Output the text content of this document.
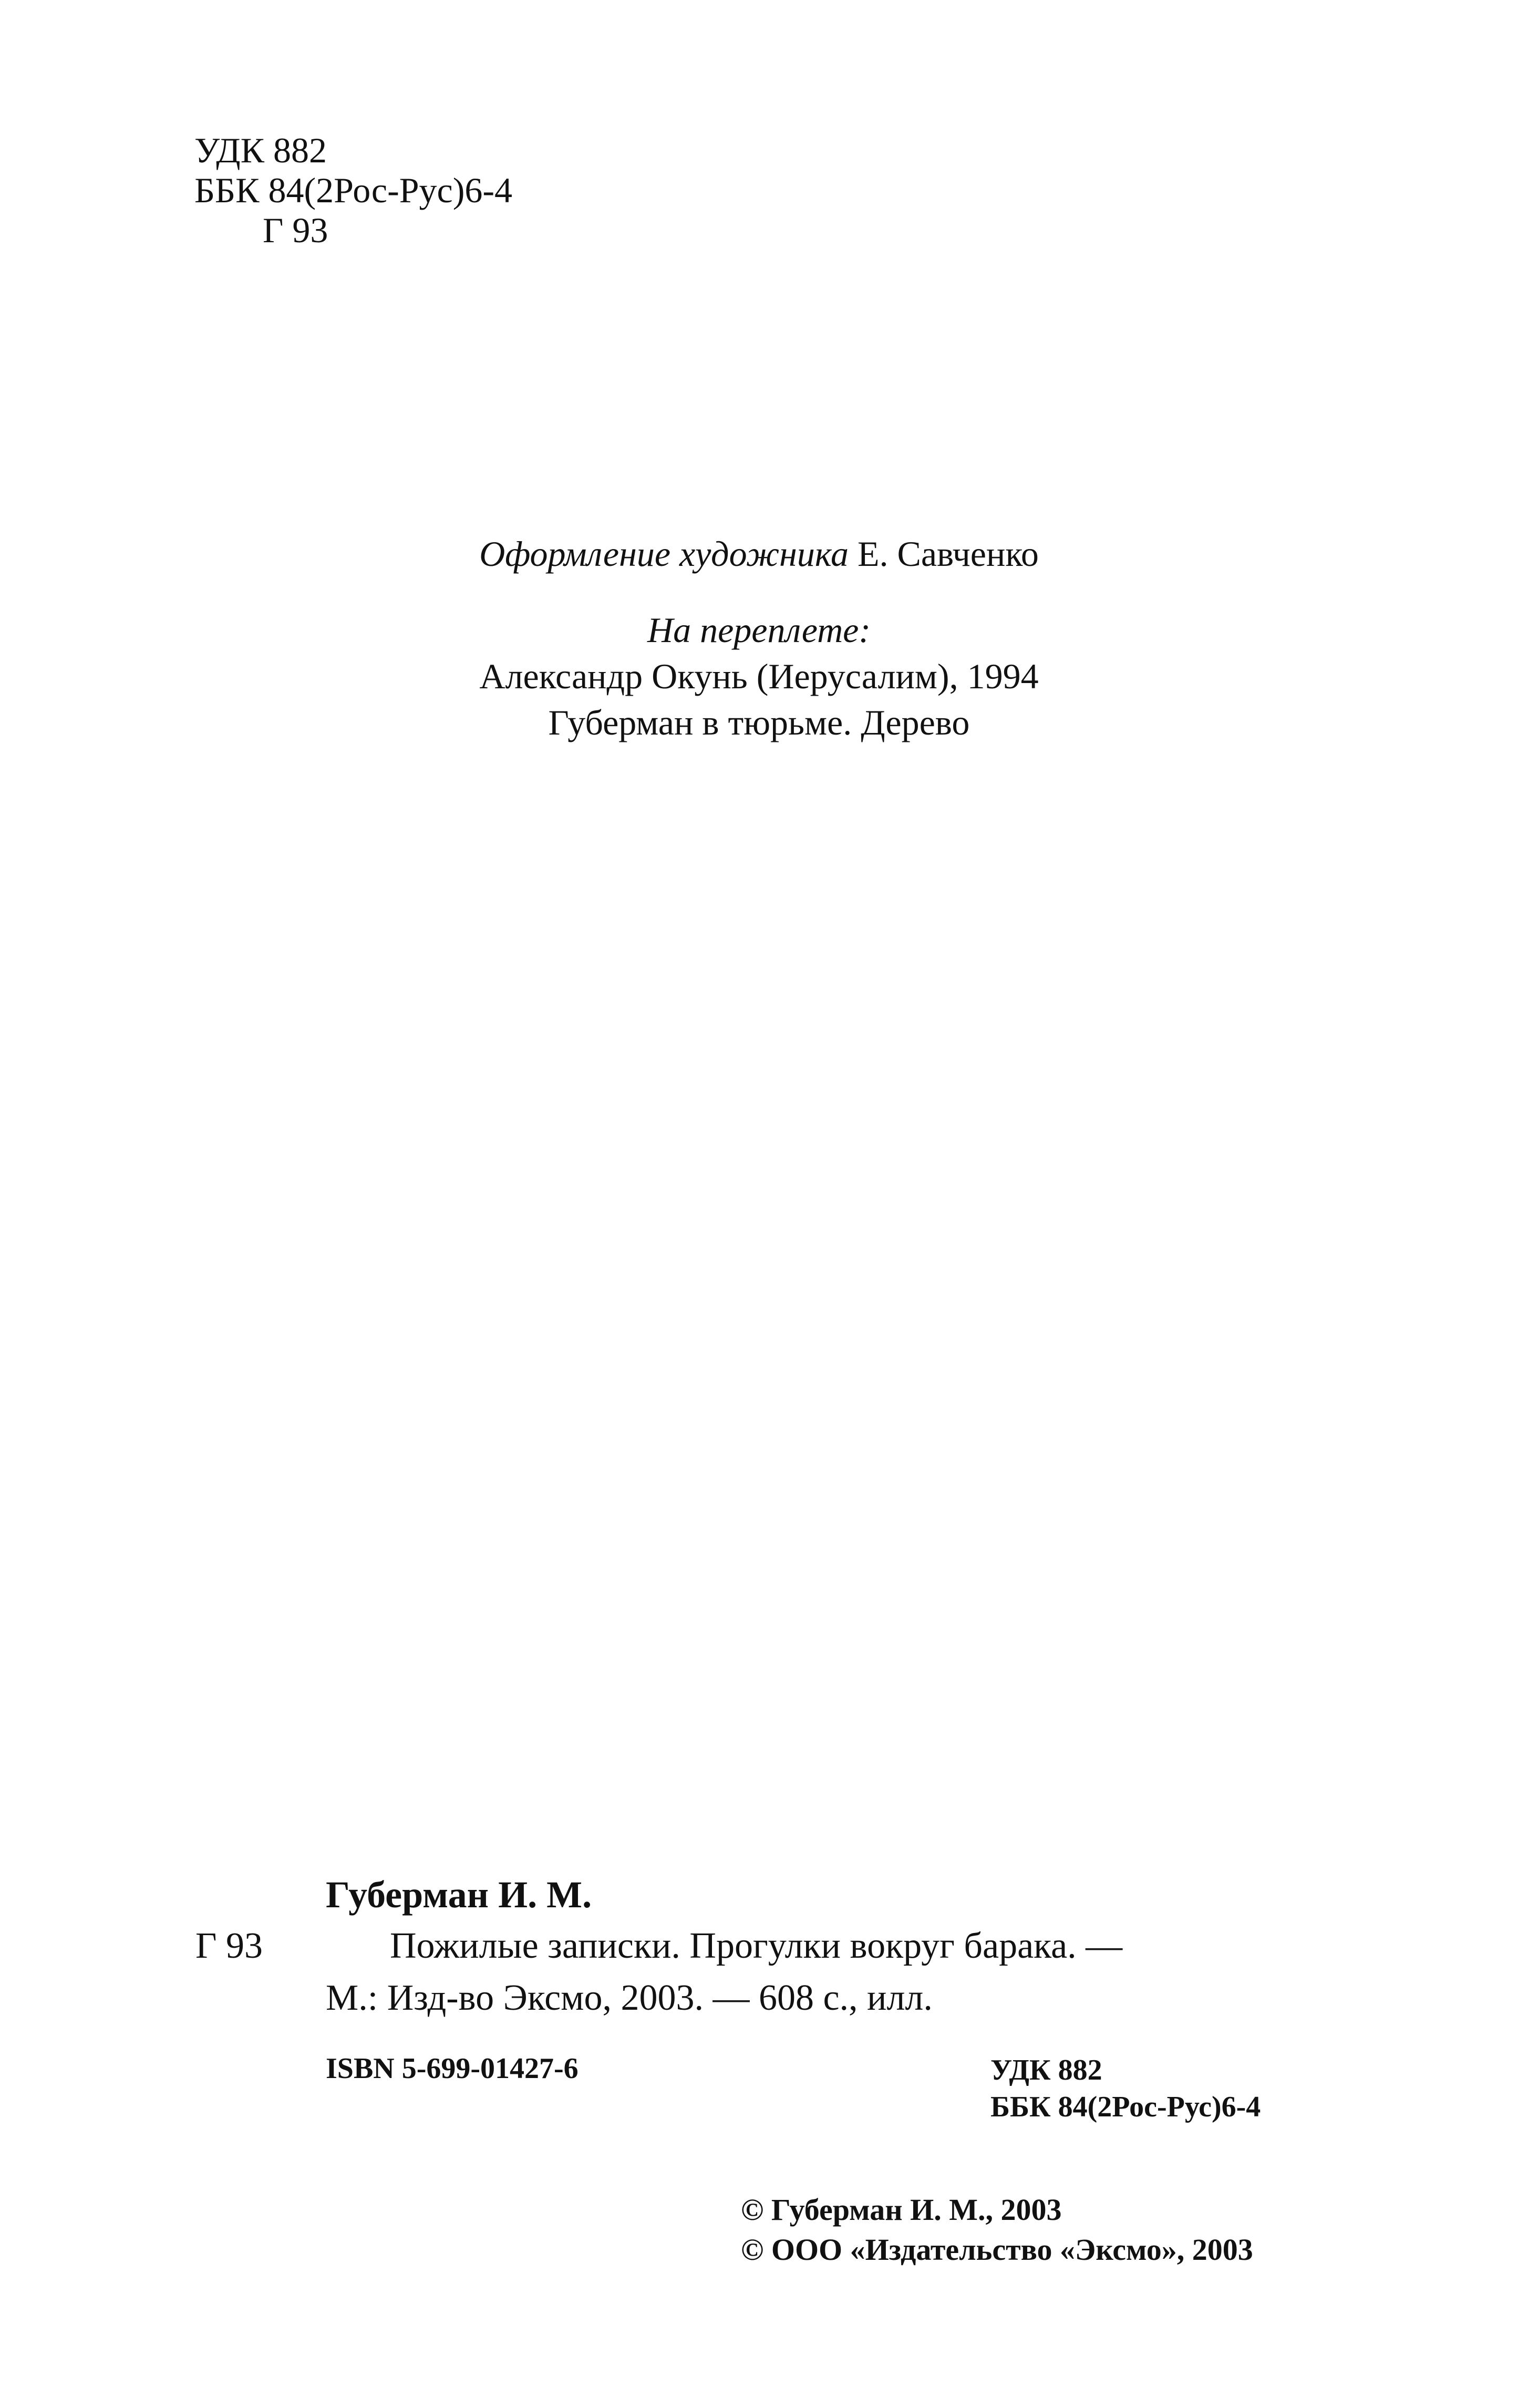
УДК 882
ББК 84(2Рос-Рус)6-4
Г 93
Оформление художника Е. Савченко
На переплете:
Александр Окунь (Иерусалим), 1994
Губерман в тюрьме. Дерево
Губерман И. М.
Г 93	Пожилые записки. Прогулки вокруг барака. —
М.: Изд-во Эксмо, 2003. — 608 с., илл.
ISBN 5-699-01427-6	УДК 882
ББК 84(2Рос-Рус)6-4
© Губерман И. М., 2003
© ООО «Издательство «Эксмо», 2003
